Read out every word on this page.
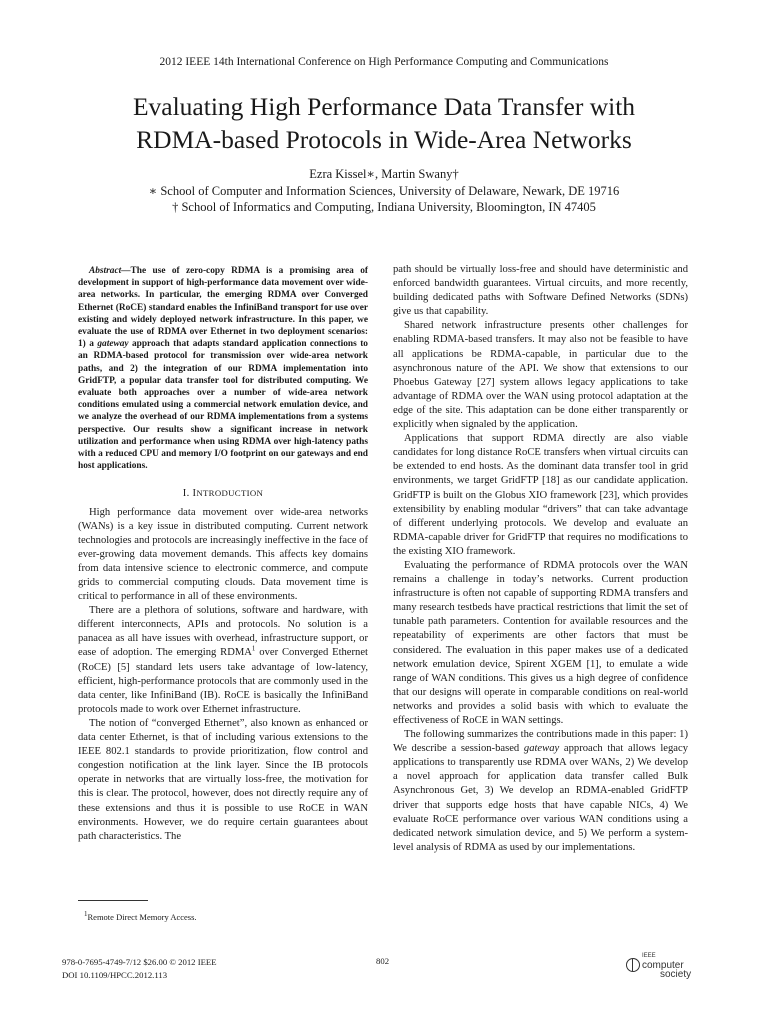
2012 IEEE 14th International Conference on High Performance Computing and Communications
Evaluating High Performance Data Transfer with
RDMA-based Protocols in Wide-Area Networks
Ezra Kissel∗, Martin Swany†
∗ School of Computer and Information Sciences, University of Delaware, Newark, DE 19716
† School of Informatics and Computing, Indiana University, Bloomington, IN 47405

Abstract—The use of zero-copy RDMA is a promising area of development in support of high-performance data movement over wide-area networks. In particular, the emerging RDMA over Converged Ethernet (RoCE) standard enables the InfiniBand transport for use over existing and widely deployed network infrastructure. In this paper, we evaluate the use of RDMA over Ethernet in two deployment scenarios: 1) a gateway approach that adapts standard application connections to an RDMA-based protocol for transmission over wide-area network paths, and 2) the integration of our RDMA implementation into GridFTP, a popular data transfer tool for distributed computing. We evaluate both approaches over a number of wide-area network conditions emulated using a commercial network emulation device, and we analyze the overhead of our RDMA implementations from a systems perspective. Our results show a significant increase in network utilization and performance when using RDMA over high-latency paths with a reduced CPU and memory I/O footprint on our gateways and end host applications.

I. INTRODUCTION

High performance data movement over wide-area networks (WANs) is a key issue in distributed computing. Current network technologies and protocols are increasingly ineffective in the face of ever-growing data movement demands. This affects key domains from data intensive science to electronic commerce, and compute grids to commercial computing clouds. Data movement time is critical to performance in all of these environments.

There are a plethora of solutions, software and hardware, with different interconnects, APIs and protocols. No solution is a panacea as all have issues with overhead, infrastructure support, or ease of adoption. The emerging RDMA$^1$ over Converged Ethernet (RoCE) [5] standard lets users take advantage of low-latency, efficient, high-performance protocols that are commonly used in the data center, like InfiniBand (IB). RoCE is basically the InfiniBand protocols made to work over Ethernet infrastructure.

The notion of “converged Ethernet”, also known as enhanced or data center Ethernet, is that of including various extensions to the IEEE 802.1 standards to provide prioritization, flow control and congestion notification at the link layer. Since the IB protocols operate in networks that are virtually loss-free, the motivation for this is clear. The protocol, however, does not directly require any of these extensions and thus it is possible to use RoCE in WAN environments. However, we do require certain guarantees about path characteristics. The

$^1$Remote Direct Memory Access.

path should be virtually loss-free and should have deterministic and enforced bandwidth guarantees. Virtual circuits, and more recently, building dedicated paths with Software Defined Networks (SDNs) give us that capability.

Shared network infrastructure presents other challenges for enabling RDMA-based transfers. It may also not be feasible to have all applications be RDMA-capable, in particular due to the asynchronous nature of the API. We show that extensions to our Phoebus Gateway [27] system allows legacy applications to take advantage of RDMA over the WAN using protocol adaptation at the edge of the site. This adaptation can be done either transparently or explicitly when signaled by the application.

Applications that support RDMA directly are also viable candidates for long distance RoCE transfers when virtual circuits can be extended to end hosts. As the dominant data transfer tool in grid environments, we target GridFTP [18] as our candidate application. GridFTP is built on the Globus XIO framework [23], which provides extensibility by enabling modular “drivers” that can take advantage of different underlying protocols. We develop and evaluate an RDMA-capable driver for GridFTP that requires no modifications to the existing XIO framework.

Evaluating the performance of RDMA protocols over the WAN remains a challenge in today’s networks. Current production infrastructure is often not capable of supporting RDMA transfers and many research testbeds have practical restrictions that limit the set of tunable path parameters. Contention for available resources and the repeatability of experiments are other factors that must be considered. The evaluation in this paper makes use of a dedicated network emulation device, Spirent XGEM [1], to emulate a wide range of WAN conditions. This gives us a high degree of confidence that our designs will operate in comparable conditions on real-world networks and provides a solid basis with which to evaluate the effectiveness of RoCE in WAN settings.

The following summarizes the contributions made in this paper: 1) We describe a session-based gateway approach that allows legacy applications to transparently use RDMA over WANs, 2) We develop a novel approach for application data transfer called Bulk Asynchronous Get, 3) We develop an RDMA-enabled GridFTP driver that supports edge hosts that have capable NICs, 4) We evaluate RoCE performance over various WAN conditions using a dedicated network simulation device, and 5) We perform a system-level analysis of RDMA as used by our implementations.

978-0-7695-4749-7/12 $26.00 © 2012 IEEE
DOI 10.1109/HPCC.2012.113
802	IEEE
computer
society
